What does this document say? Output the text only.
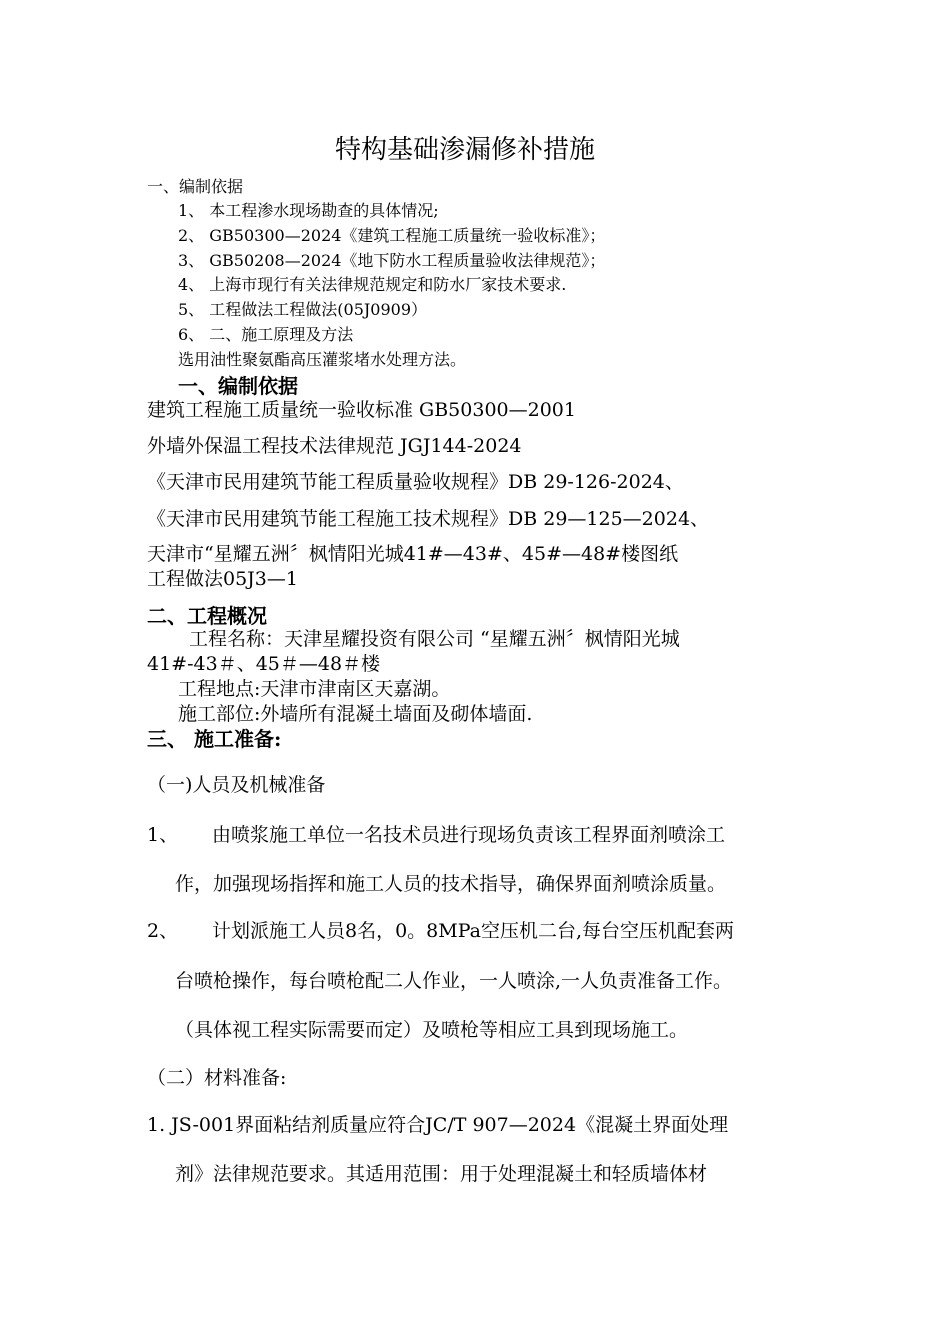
特构基础渗漏修补措施
一、编制依据
1、 本工程渗水现场勘查的具体情况;
2、 GB50300—2024《建筑工程施工质量统一验收标准》；
3、 GB50208—2024《地下防水工程质量验收法律规范》；
4、 上海市现行有关法律规范规定和防水厂家技术要求.
5、 工程做法工程做法(05J0909）
6、 二、施工原理及方法
选用油性聚氨酯高压灌浆堵水处理方法。
一、编制依据
建筑工程施工质量统一验收标准 GB50300—2001
外墙外保温工程技术法律规范 JGJ144-2024
《天津市民用建筑节能工程质量验收规程》DB 29-126-2024、
《天津市民用建筑节能工程施工技术规程》DB 29—125—2024、
天津市“星耀五洲〞枫情阳光城41#—43#、45#—48#楼图纸
工程做法05J3—1
二、工程概况
工程名称：天津星耀投资有限公司 “星耀五洲〞枫情阳光城
41#-43＃、45＃—48＃楼
工程地点:天津市津南区天嘉湖。
施工部位:外墙所有混凝土墙面及砌体墙面.
三、 施工准备:
（一)人员及机械准备
1、 由喷浆施工单位一名技术员进行现场负责该工程界面剂喷涂工
作，加强现场指挥和施工人员的技术指导，确保界面剂喷涂质量。
2、 计划派施工人员8名，0。8MPa空压机二台,每台空压机配套两
台喷枪操作，每台喷枪配二人作业，一人喷涂,一人负责准备工作。
（具体视工程实际需要而定）及喷枪等相应工具到现场施工。
（二）材料准备:
1. JS-001界面粘结剂质量应符合JC/T 907—2024《混凝土界面处理
剂》法律规范要求。其适用范围：用于处理混凝土和轻质墙体材
